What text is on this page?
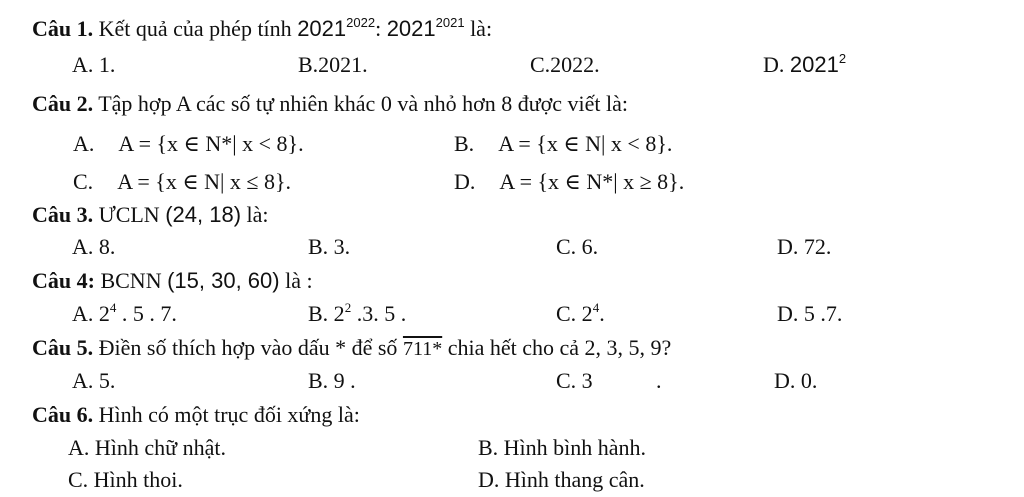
Câu 1. Kết quả của phép tính $2021^{2022}$: $2021^{2021}$ là:
A. 1.	B.2021.	C.2022.	D. 2021$^2$
Câu 2. Tập hợp A các số tự nhiên khác 0 và nhỏ hơn 8 được viết là:
A. A = {x ∈ N*| x < 8}.	B. A = {x ∈ N| x < 8}.
C. A = {x ∈ N| x ≤ 8}.	D. A = {x ∈ N*| x ≥ 8}.
Câu 3. ƯCLN (24, 18) là:
A. 8.	B. 3.	C. 6.	D. 72.
Câu 4: BCNN (15, 30, 60) là :
A. $2^4$ . 5 . 7.	B. $2^2$ .3. 5 .	C. $2^4$.	D. 5 .7.
Câu 5. Điền số thích hợp vào dấu * để số 711* chia hết cho cả 2, 3, 5, 9?
A. 5.	B. 9 .	C. 3	.	D. 0.
Câu 6. Hình có một trục đối xứng là:
A. Hình chữ nhật.	B. Hình bình hành.
C. Hình thoi.	D. Hình thang cân.
